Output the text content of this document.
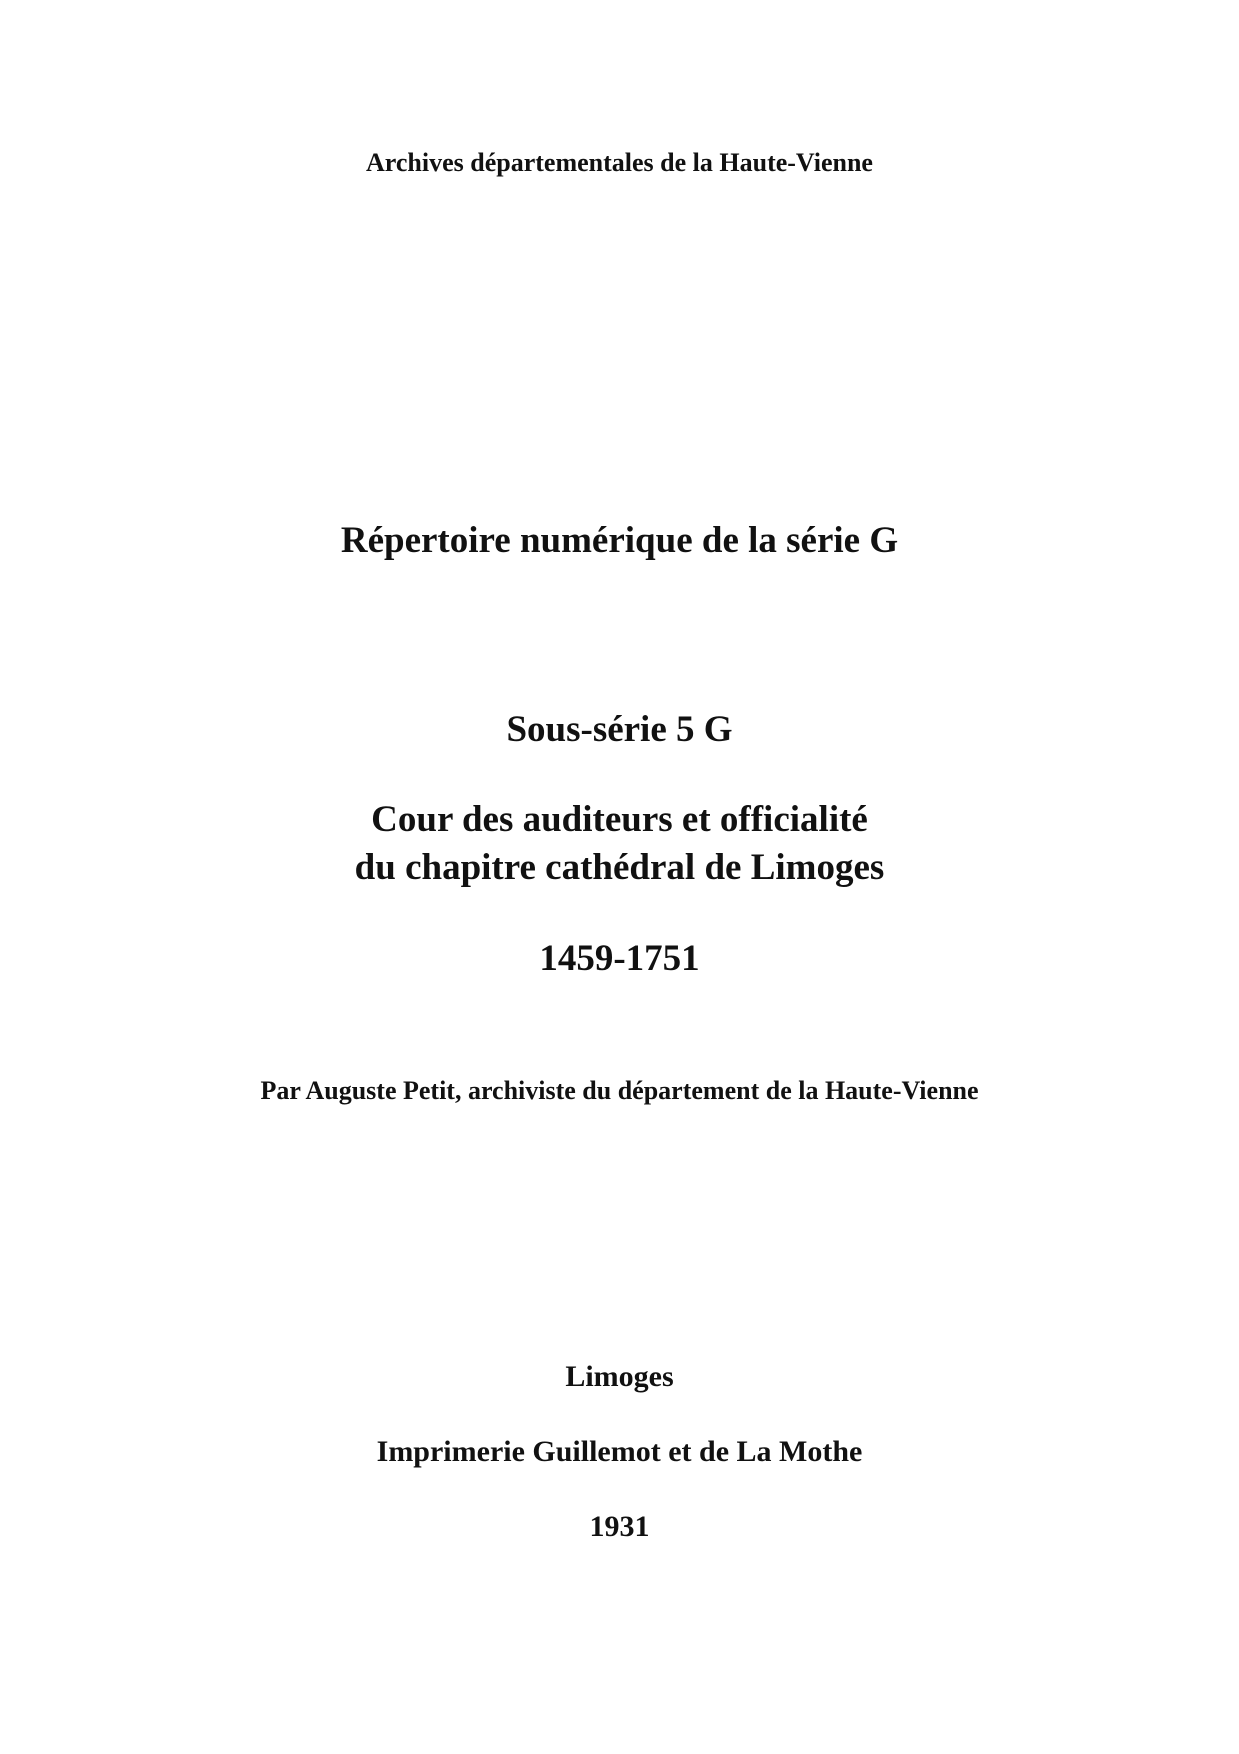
Archives départementales de la Haute-Vienne

Répertoire numérique de la série G
Sous-série 5 G
Cour des auditeurs et officialité
du chapitre cathédral de Limoges
1459-1751

Par Auguste Petit, archiviste du département de la Haute-Vienne

Limoges

Imprimerie Guillemot et de La Mothe

1931
